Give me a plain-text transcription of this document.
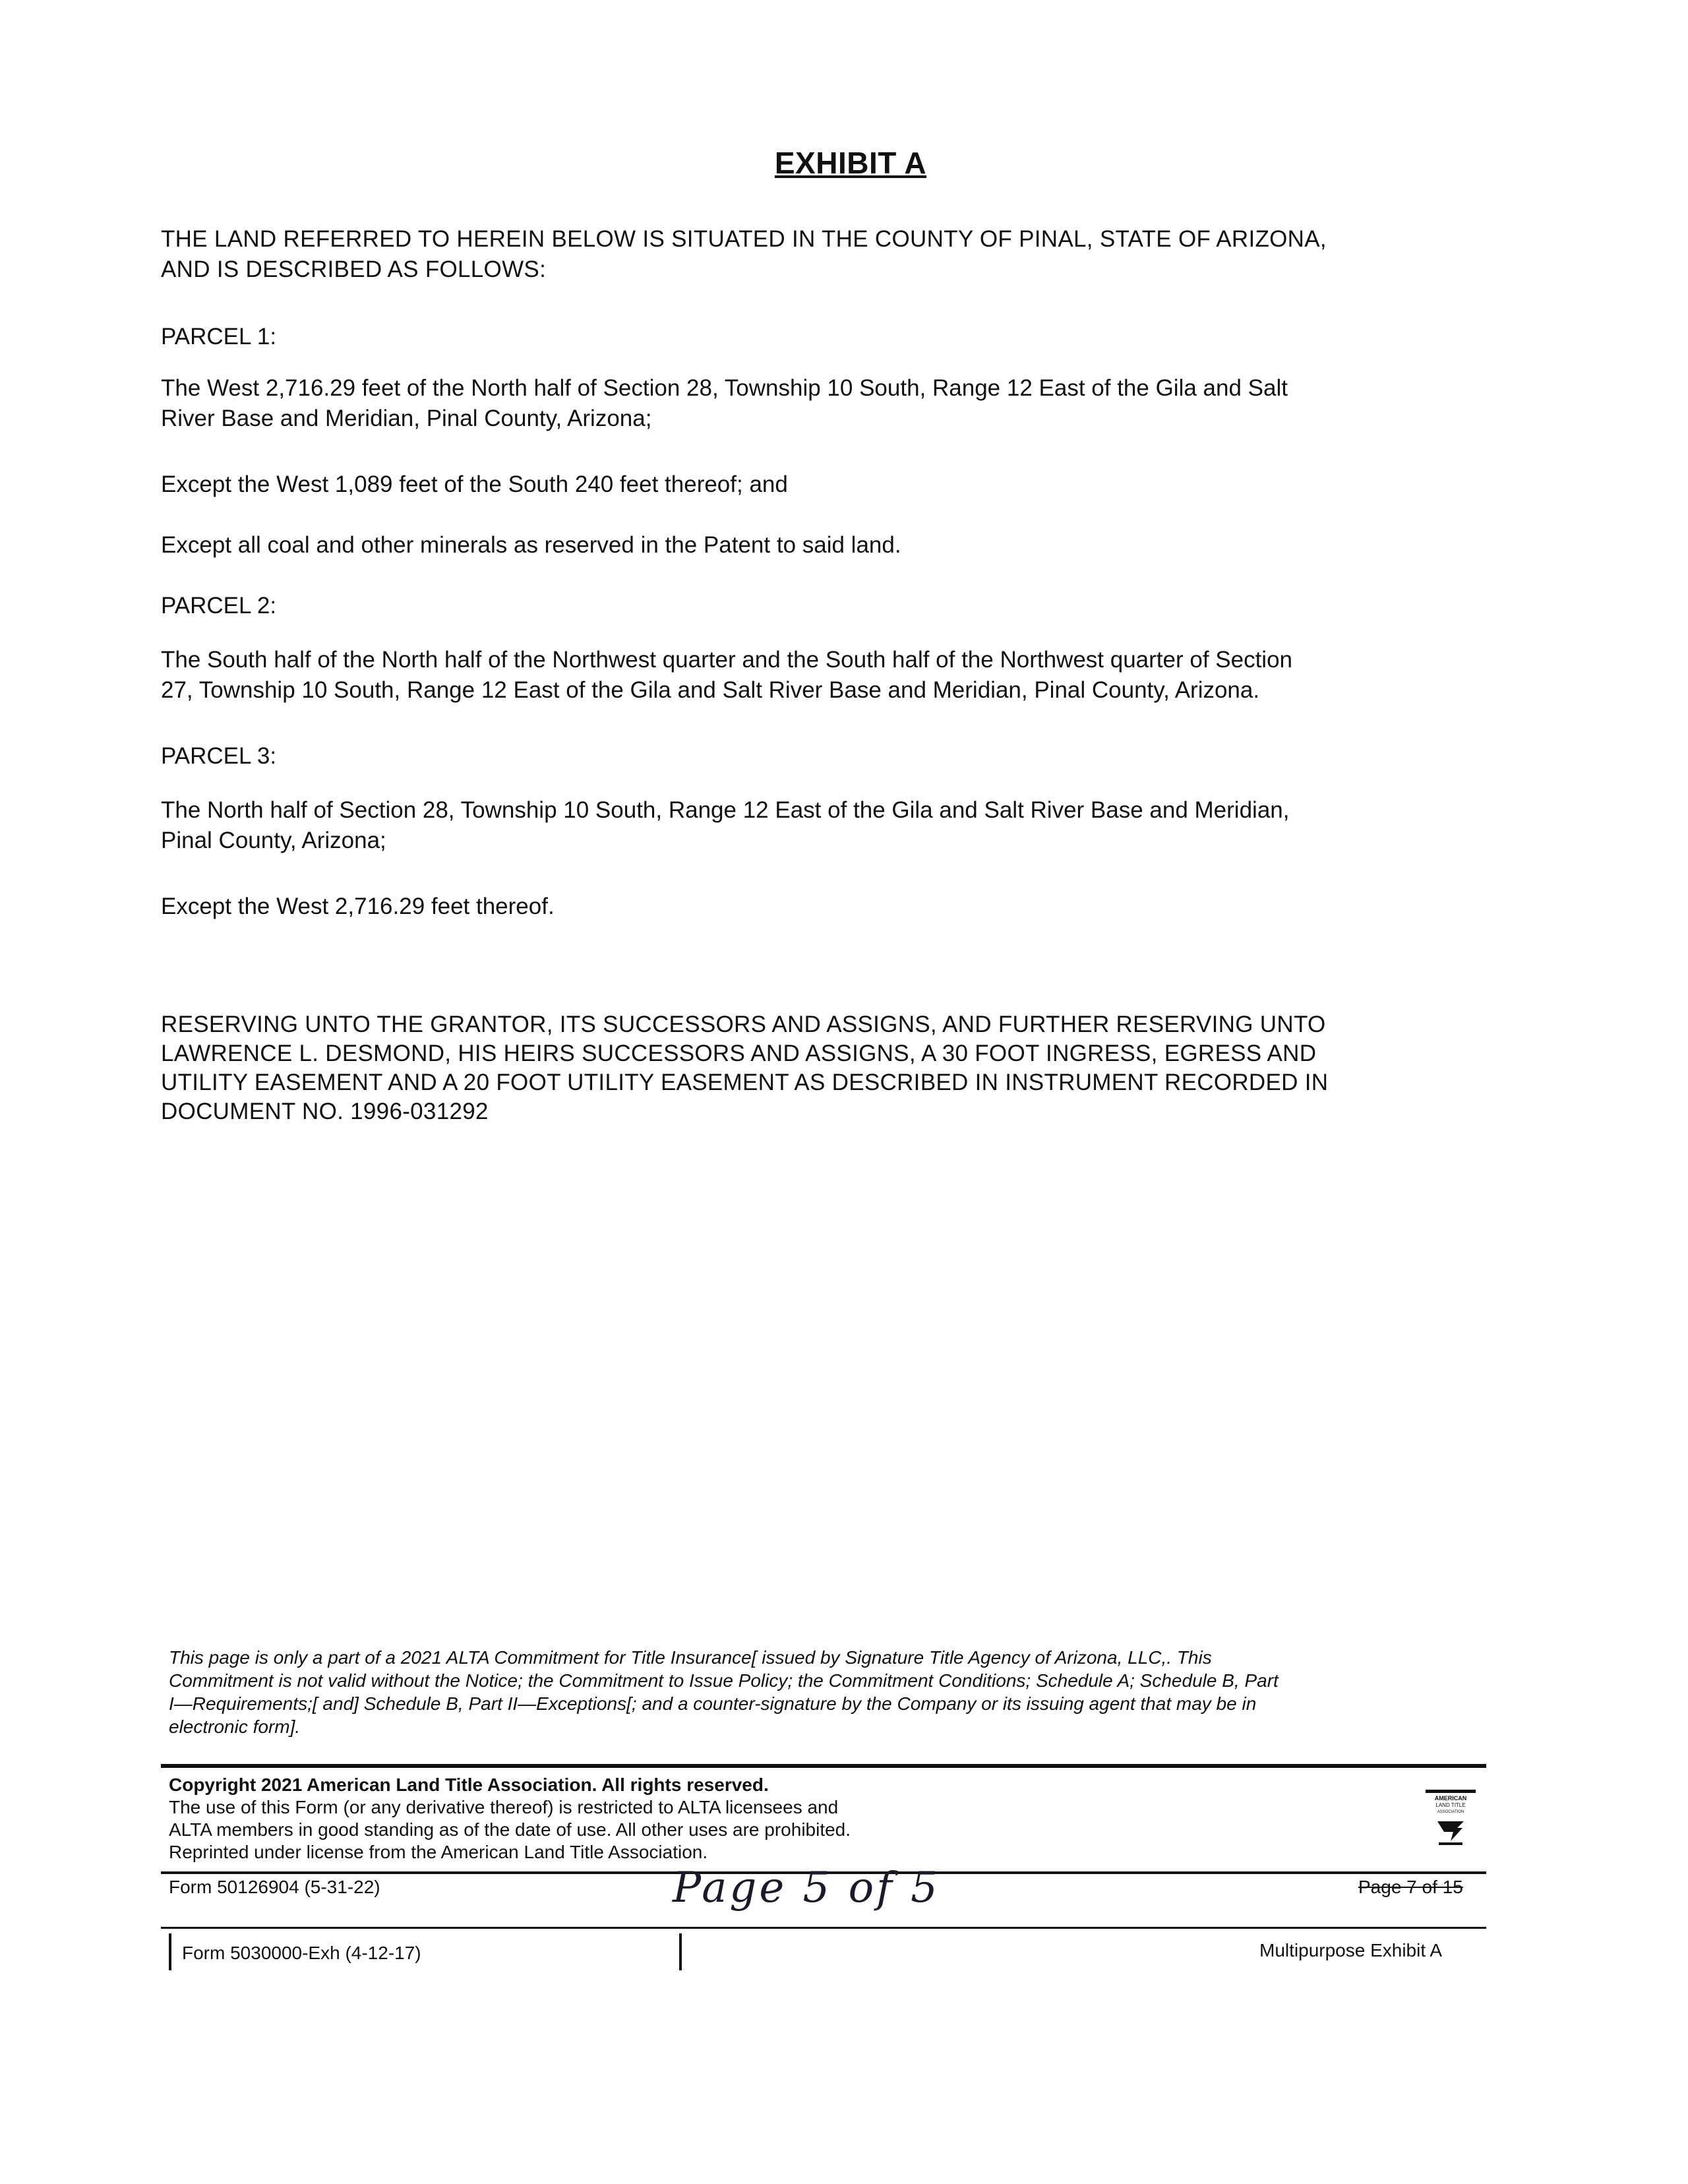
EXHIBIT A
THE LAND REFERRED TO HEREIN BELOW IS SITUATED IN THE COUNTY OF PINAL, STATE OF ARIZONA,
AND IS DESCRIBED AS FOLLOWS:
PARCEL 1:
The West 2,716.29 feet of the North half of Section 28, Township 10 South, Range 12 East of the Gila and Salt
River Base and Meridian, Pinal County, Arizona;
Except the West 1,089 feet of the South 240 feet thereof; and
Except all coal and other minerals as reserved in the Patent to said land.
PARCEL 2:
The South half of the North half of the Northwest quarter and the South half of the Northwest quarter of Section
27, Township 10 South, Range 12 East of the Gila and Salt River Base and Meridian, Pinal County, Arizona.
PARCEL 3:
The North half of Section 28, Township 10 South, Range 12 East of the Gila and Salt River Base and Meridian,
Pinal County, Arizona;
Except the West 2,716.29 feet thereof.
RESERVING UNTO THE GRANTOR, ITS SUCCESSORS AND ASSIGNS, AND FURTHER RESERVING UNTO
LAWRENCE L. DESMOND, HIS HEIRS SUCCESSORS AND ASSIGNS, A 30 FOOT INGRESS, EGRESS AND
UTILITY EASEMENT AND A 20 FOOT UTILITY EASEMENT AS DESCRIBED IN INSTRUMENT RECORDED IN
DOCUMENT NO. 1996-031292
This page is only a part of a 2021 ALTA Commitment for Title Insurance[ issued by Signature Title Agency of Arizona, LLC,. This
Commitment is not valid without the Notice; the Commitment to Issue Policy; the Commitment Conditions; Schedule A; Schedule B, Part
I—Requirements;[ and] Schedule B, Part II—Exceptions[; and a counter-signature by the Company or its issuing agent that may be in
electronic form].
Copyright 2021 American Land Title Association. All rights reserved.
The use of this Form (or any derivative thereof) is restricted to ALTA licensees and
ALTA members in good standing as of the date of use. All other uses are prohibited.
Reprinted under license from the American Land Title Association.
AMERICAN
LAND TITLE
ASSOCIATION
Form 50126904 (5-31-22)	Page 5 of 5	Page 7 of 15
Form 5030000-Exh (4-12-17)	Multipurpose Exhibit A
